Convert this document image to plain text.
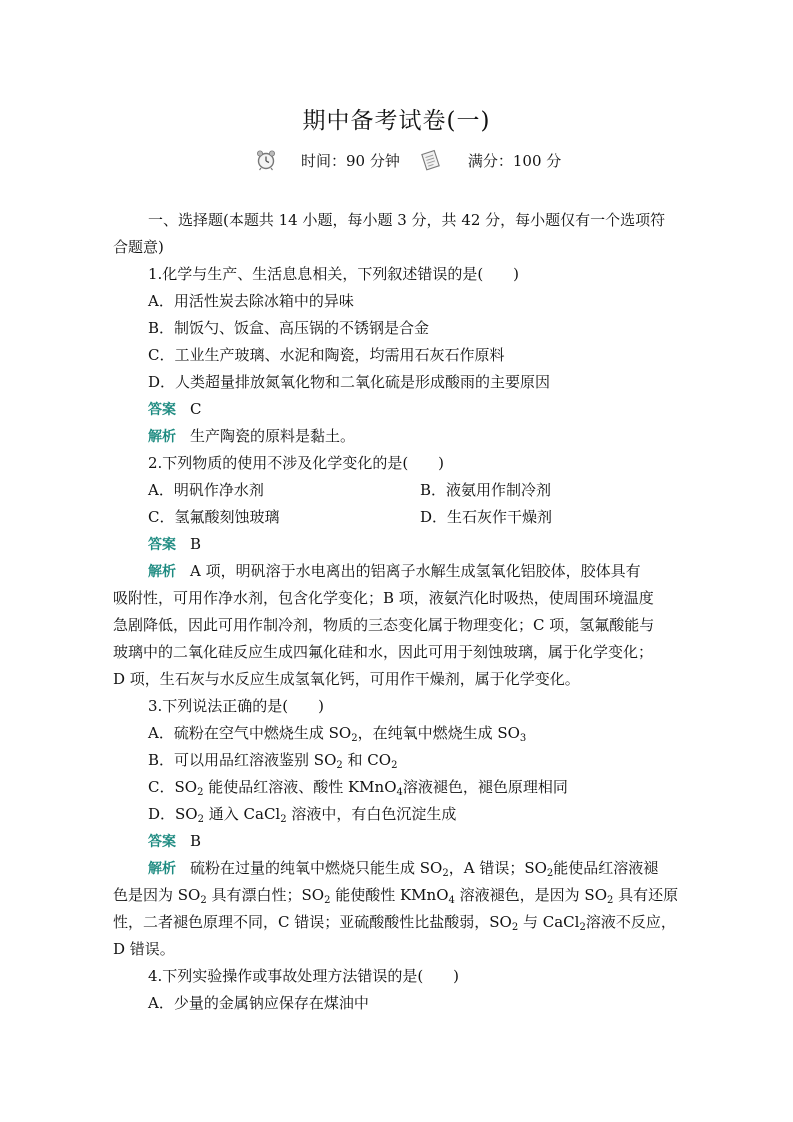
期中备考试卷(一)
时间：90 分钟	满分：100 分
一、选择题(本题共 14 小题，每小题 3 分，共 42 分，每小题仅有一个选项符
合题意)
1.化学与生产、生活息息相关，下列叙述错误的是(　　)
A．用活性炭去除冰箱中的异味
B．制饭勺、饭盒、高压锅的不锈钢是合金
C．工业生产玻璃、水泥和陶瓷，均需用石灰石作原料
D．人类超量排放氮氧化物和二氧化硫是形成酸雨的主要原因
答案 C
解析 生产陶瓷的原料是黏土。
2.下列物质的使用不涉及化学变化的是(　　)
A．明矾作净水剂	B．液氨用作制冷剂
C．氢氟酸刻蚀玻璃	D．生石灰作干燥剂
答案 B
解析 A 项，明矾溶于水电离出的铝离子水解生成氢氧化铝胶体，胶体具有
吸附性，可用作净水剂，包含化学变化；B 项，液氨汽化时吸热，使周围环境温度
急剧降低，因此可用作制冷剂，物质的三态变化属于物理变化；C 项，氢氟酸能与
玻璃中的二氧化硅反应生成四氟化硅和水，因此可用于刻蚀玻璃，属于化学变化；
D 项，生石灰与水反应生成氢氧化钙，可用作干燥剂，属于化学变化。
3.下列说法正确的是(　　)
A．硫粉在空气中燃烧生成 $SO_2$，在纯氧中燃烧生成 $SO_3$
B．可以用品红溶液鉴别 $SO_2$ 和 $CO_2$
C．$SO_2$ 能使品红溶液、酸性 KMnO$_4$溶液褪色，褪色原理相同
D．$SO_2$ 通入 CaCl$_2$ 溶液中，有白色沉淀生成
答案 B
解析 硫粉在过量的纯氧中燃烧只能生成 $SO_2$，A 错误；$SO_2$能使品红溶液褪
色是因为 $SO_2$ 具有漂白性；$SO_2$ 能使酸性 KMnO$_4$ 溶液褪色，是因为 $SO_2$ 具有还原
性，二者褪色原理不同，C 错误；亚硫酸酸性比盐酸弱，$SO_2$ 与 CaCl$_2$溶液不反应，
D 错误。
4.下列实验操作或事故处理方法错误的是(　　)
A．少量的金属钠应保存在煤油中
